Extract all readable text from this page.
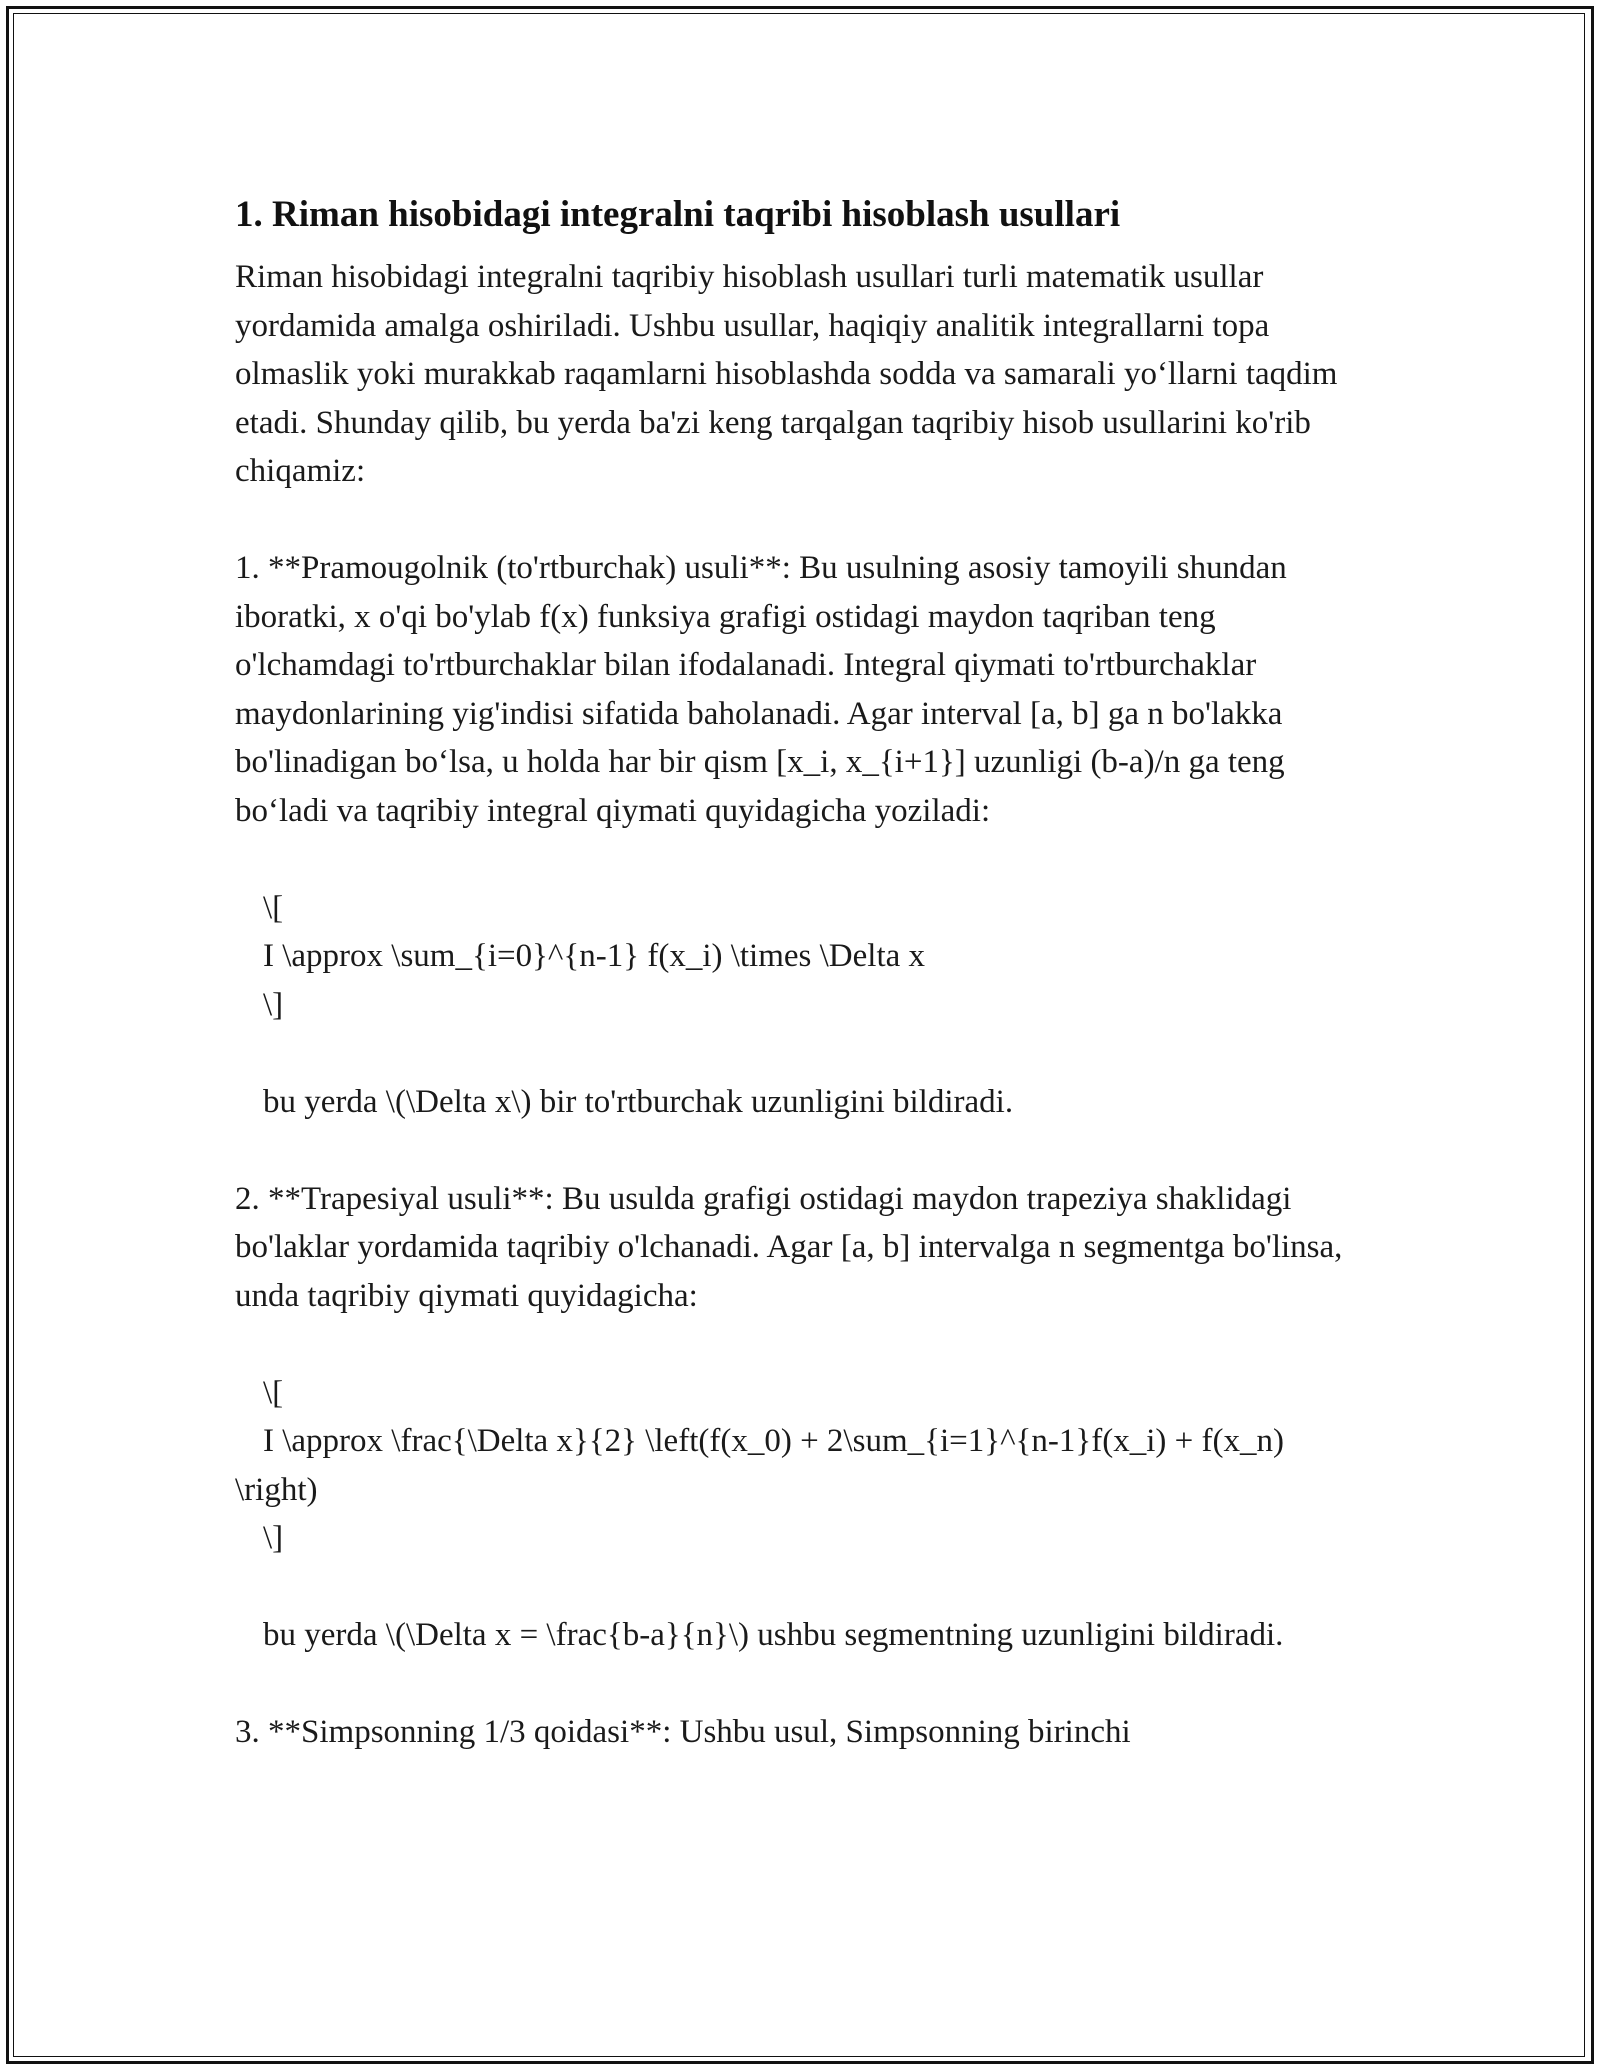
1. Riman hisobidagi integralni taqribi hisoblash usullari

Riman hisobidagi integralni taqribiy hisoblash usullari turli matematik usullar yordamida amalga oshiriladi. Ushbu usullar, haqiqiy analitik integrallarni topa olmaslik yoki murakkab raqamlarni hisoblashda sodda va samarali yo‘llarni taqdim etadi. Shunday qilib, bu yerda ba'zi keng tarqalgan taqribiy hisob usullarini ko'rib chiqamiz:

1. **Pramougolnik (to'rtburchak) usuli**: Bu usulning asosiy tamoyili shundan iboratki, x o'qi bo'ylab f(x) funksiya grafigi ostidagi maydon taqriban teng o'lchamdagi to'rtburchaklar bilan ifodalanadi. Integral qiymati to'rtburchaklar maydonlarining yig'indisi sifatida baholanadi. Agar interval [a, b] ga n bo'lakka bo'linadigan bo‘lsa, u holda har bir qism [x_i, x_{i+1}] uzunligi (b-a)/n ga teng bo‘ladi va taqribiy integral qiymati quyidagicha yoziladi:

\[

I \approx \sum_{i=0}^{n-1} f(x_i) \times \Delta x

\]

bu yerda \(\Delta x\) bir to'rtburchak uzunligini bildiradi.

2. **Trapesiyal usuli**: Bu usulda grafigi ostidagi maydon trapeziya shaklidagi bo'laklar yordamida taqribiy o'lchanadi. Agar [a, b] intervalga n segmentga bo'linsa, unda taqribiy qiymati quyidagicha:

\[

I \approx \frac{\Delta x}{2} \left(f(x_0) + 2\sum_{i=1}^{n-1}f(x_i) + f(x_n) \right)

\]

bu yerda \(\Delta x = \frac{b-a}{n}\) ushbu segmentning uzunligini bildiradi.

3. **Simpsonning 1/3 qoidasi**: Ushbu usul, Simpsonning birinchi
